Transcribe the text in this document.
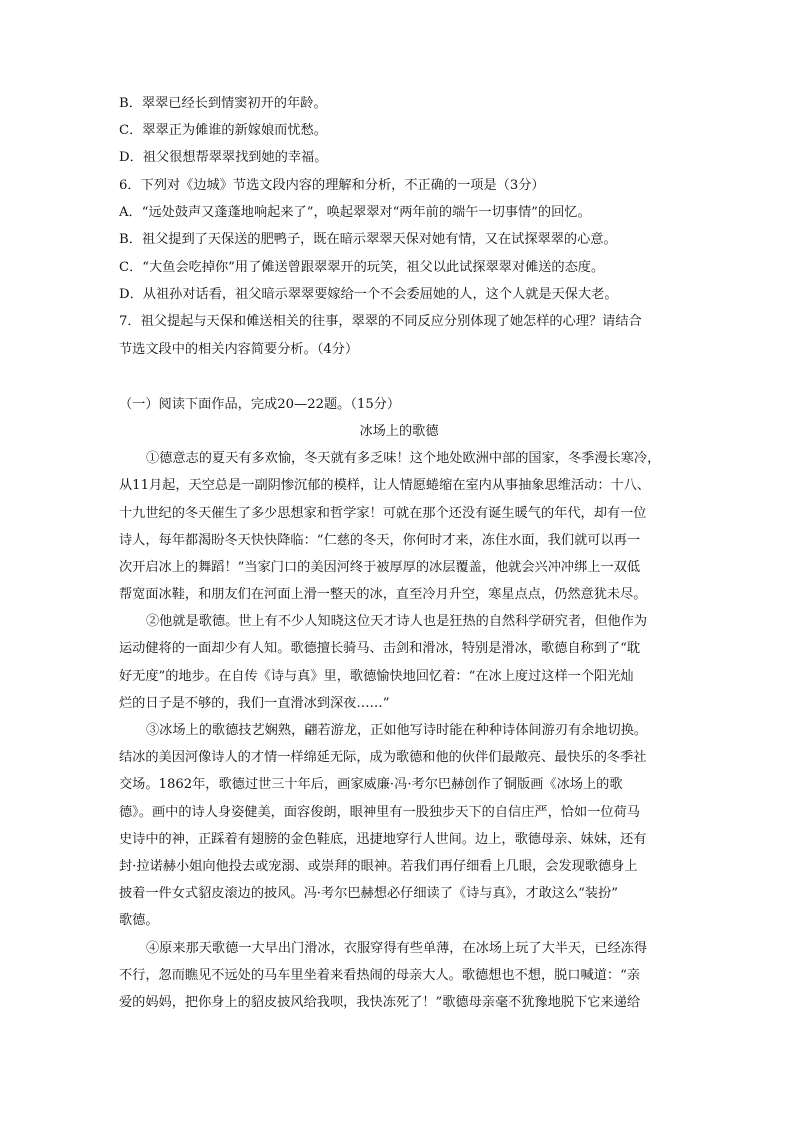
B．翠翠已经长到情窦初开的年龄。
C．翠翠正为傩谁的新嫁娘而忧愁。
D．祖父很想帮翠翠找到她的幸福。
6．下列对《边城》节选文段内容的理解和分析，不正确的一项是（3分）
A．“远处鼓声又蓬蓬地响起来了”，唤起翠翠对“两年前的端午一切事情”的回忆。
B．祖父提到了天保送的肥鸭子，既在暗示翠翠天保对她有情，又在试探翠翠的心意。
C．“大鱼会吃掉你”用了傩送曾跟翠翠开的玩笑，祖父以此试探翠翠对傩送的态度。
D．从祖孙对话看，祖父暗示翠翠要嫁给一个不会委屈她的人，这个人就是天保大老。
7．祖父提起与天保和傩送相关的往事，翠翠的不同反应分别体现了她怎样的心理？请结合
节选文段中的相关内容简要分析。（4分）
（一）阅读下面作品，完成20—22题。（15分）
冰场上的歌德
①德意志的夏天有多欢愉，冬天就有多乏味！这个地处欧洲中部的国家，冬季漫长寒冷，
从11月起，天空总是一副阴惨沉郁的模样，让人情愿蜷缩在室内从事抽象思维活动：十八、
十九世纪的冬天催生了多少思想家和哲学家！可就在那个还没有诞生暖气的年代，却有一位
诗人，每年都渴盼冬天快快降临：“仁慈的冬天，你何时才来，冻住水面，我们就可以再一
次开启冰上的舞蹈！”当家门口的美因河终于被厚厚的冰层覆盖，他就会兴冲冲绑上一双低
帮宽面冰鞋，和朋友们在河面上滑一整天的冰，直至冷月升空，寒星点点，仍然意犹未尽。
②他就是歌德。世上有不少人知晓这位天才诗人也是狂热的自然科学研究者，但他作为
运动健将的一面却少有人知。歌德擅长骑马、击剑和滑冰，特别是滑冰，歌德自称到了“耽
好无度”的地步。在自传《诗与真》里，歌德愉快地回忆着：“在冰上度过这样一个阳光灿
烂的日子是不够的，我们一直滑冰到深夜……”
③冰场上的歌德技艺娴熟，翩若游龙，正如他写诗时能在种种诗体间游刃有余地切换。
结冰的美因河像诗人的才情一样绵延无际，成为歌德和他的伙伴们最敞亮、最快乐的冬季社
交场。1862年，歌德过世三十年后，画家威廉·冯·考尔巴赫创作了铜版画《冰场上的歌
德》。画中的诗人身姿健美，面容俊朗，眼神里有一股独步天下的自信庄严，恰如一位荷马
史诗中的神，正踩着有翅膀的金色鞋底，迅捷地穿行人世间。边上，歌德母亲、妹妹，还有
封·拉诺赫小姐向他投去或宠溺、或崇拜的眼神。若我们再仔细看上几眼，会发现歌德身上
披着一件女式貂皮滚边的披风。冯·考尔巴赫想必仔细读了《诗与真》，才敢这么“装扮”
歌德。
④原来那天歌德一大早出门滑冰，衣服穿得有些单薄，在冰场上玩了大半天，已经冻得
不行，忽而瞧见不远处的马车里坐着来看热闹的母亲大人。歌德想也不想，脱口喊道：“亲
爱的妈妈，把你身上的貂皮披风给我呗，我快冻死了！”歌德母亲毫不犹豫地脱下它来递给
